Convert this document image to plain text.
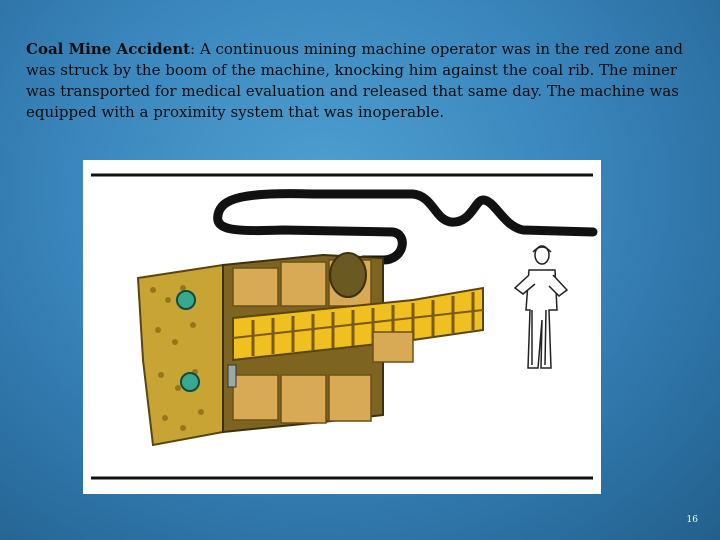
Coal Mine Accident: A continuous mining machine operator was in the red zone and was struck by the boom of the machine, knocking him against the coal rib. The miner was transported for medical evaluation and released that same day. The machine was equipped with a proximity system that was inoperable.

16
